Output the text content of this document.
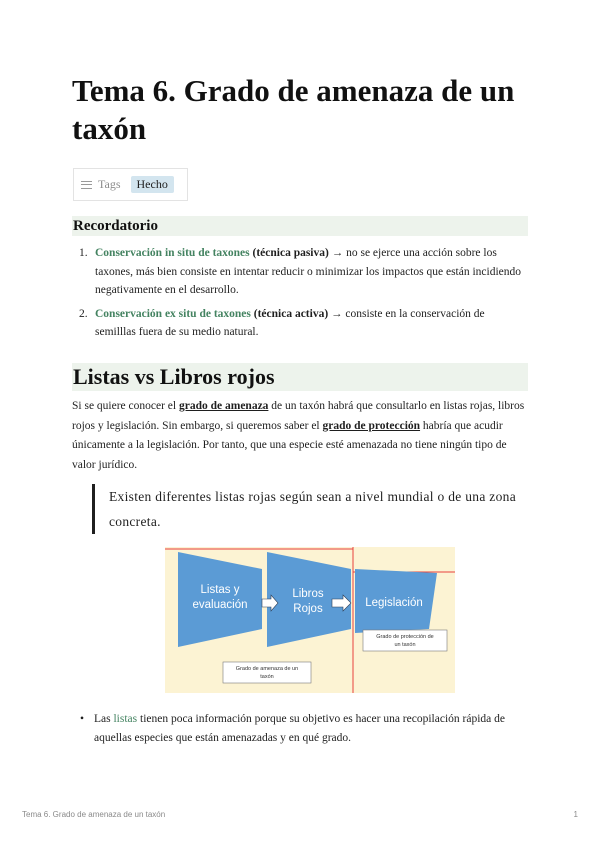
Tema 6. Grado de amenaza de un taxón
Tags	Hecho
Recordatorio
1. Conservación in situ de taxones (técnica pasiva) → no se ejerce una acción sobre los taxones, más bien consiste en intentar reducir o minimizar los impactos que están incidiendo negativamente en el desarrollo.
2. Conservación ex situ de taxones (técnica activa) → consiste en la conservación de semilllas fuera de su medio natural.
Listas vs Libros rojos

Si se quiere conocer el grado de amenaza de un taxón habrá que consultarlo en listas rojas, libros rojos y legislación. Sin embargo, si queremos saber el grado de protección habría que acudir únicamente a la legislación. Por tanto, que una especie esté amenazada no tiene ningún tipo de valor jurídico.

Existen diferentes listas rojas según sean a nivel mundial o de una zona concreta.
Listas y
evaluación
Libros
Rojos	Legislación
Grado de protección de
un taxón
Grado de amenaza de un
taxón
• Las listas tienen poca información porque su objetivo es hacer una recopilación rápida de aquellas especies que están amenazadas y en qué grado.
Tema 6. Grado de amenaza de un taxón	1
